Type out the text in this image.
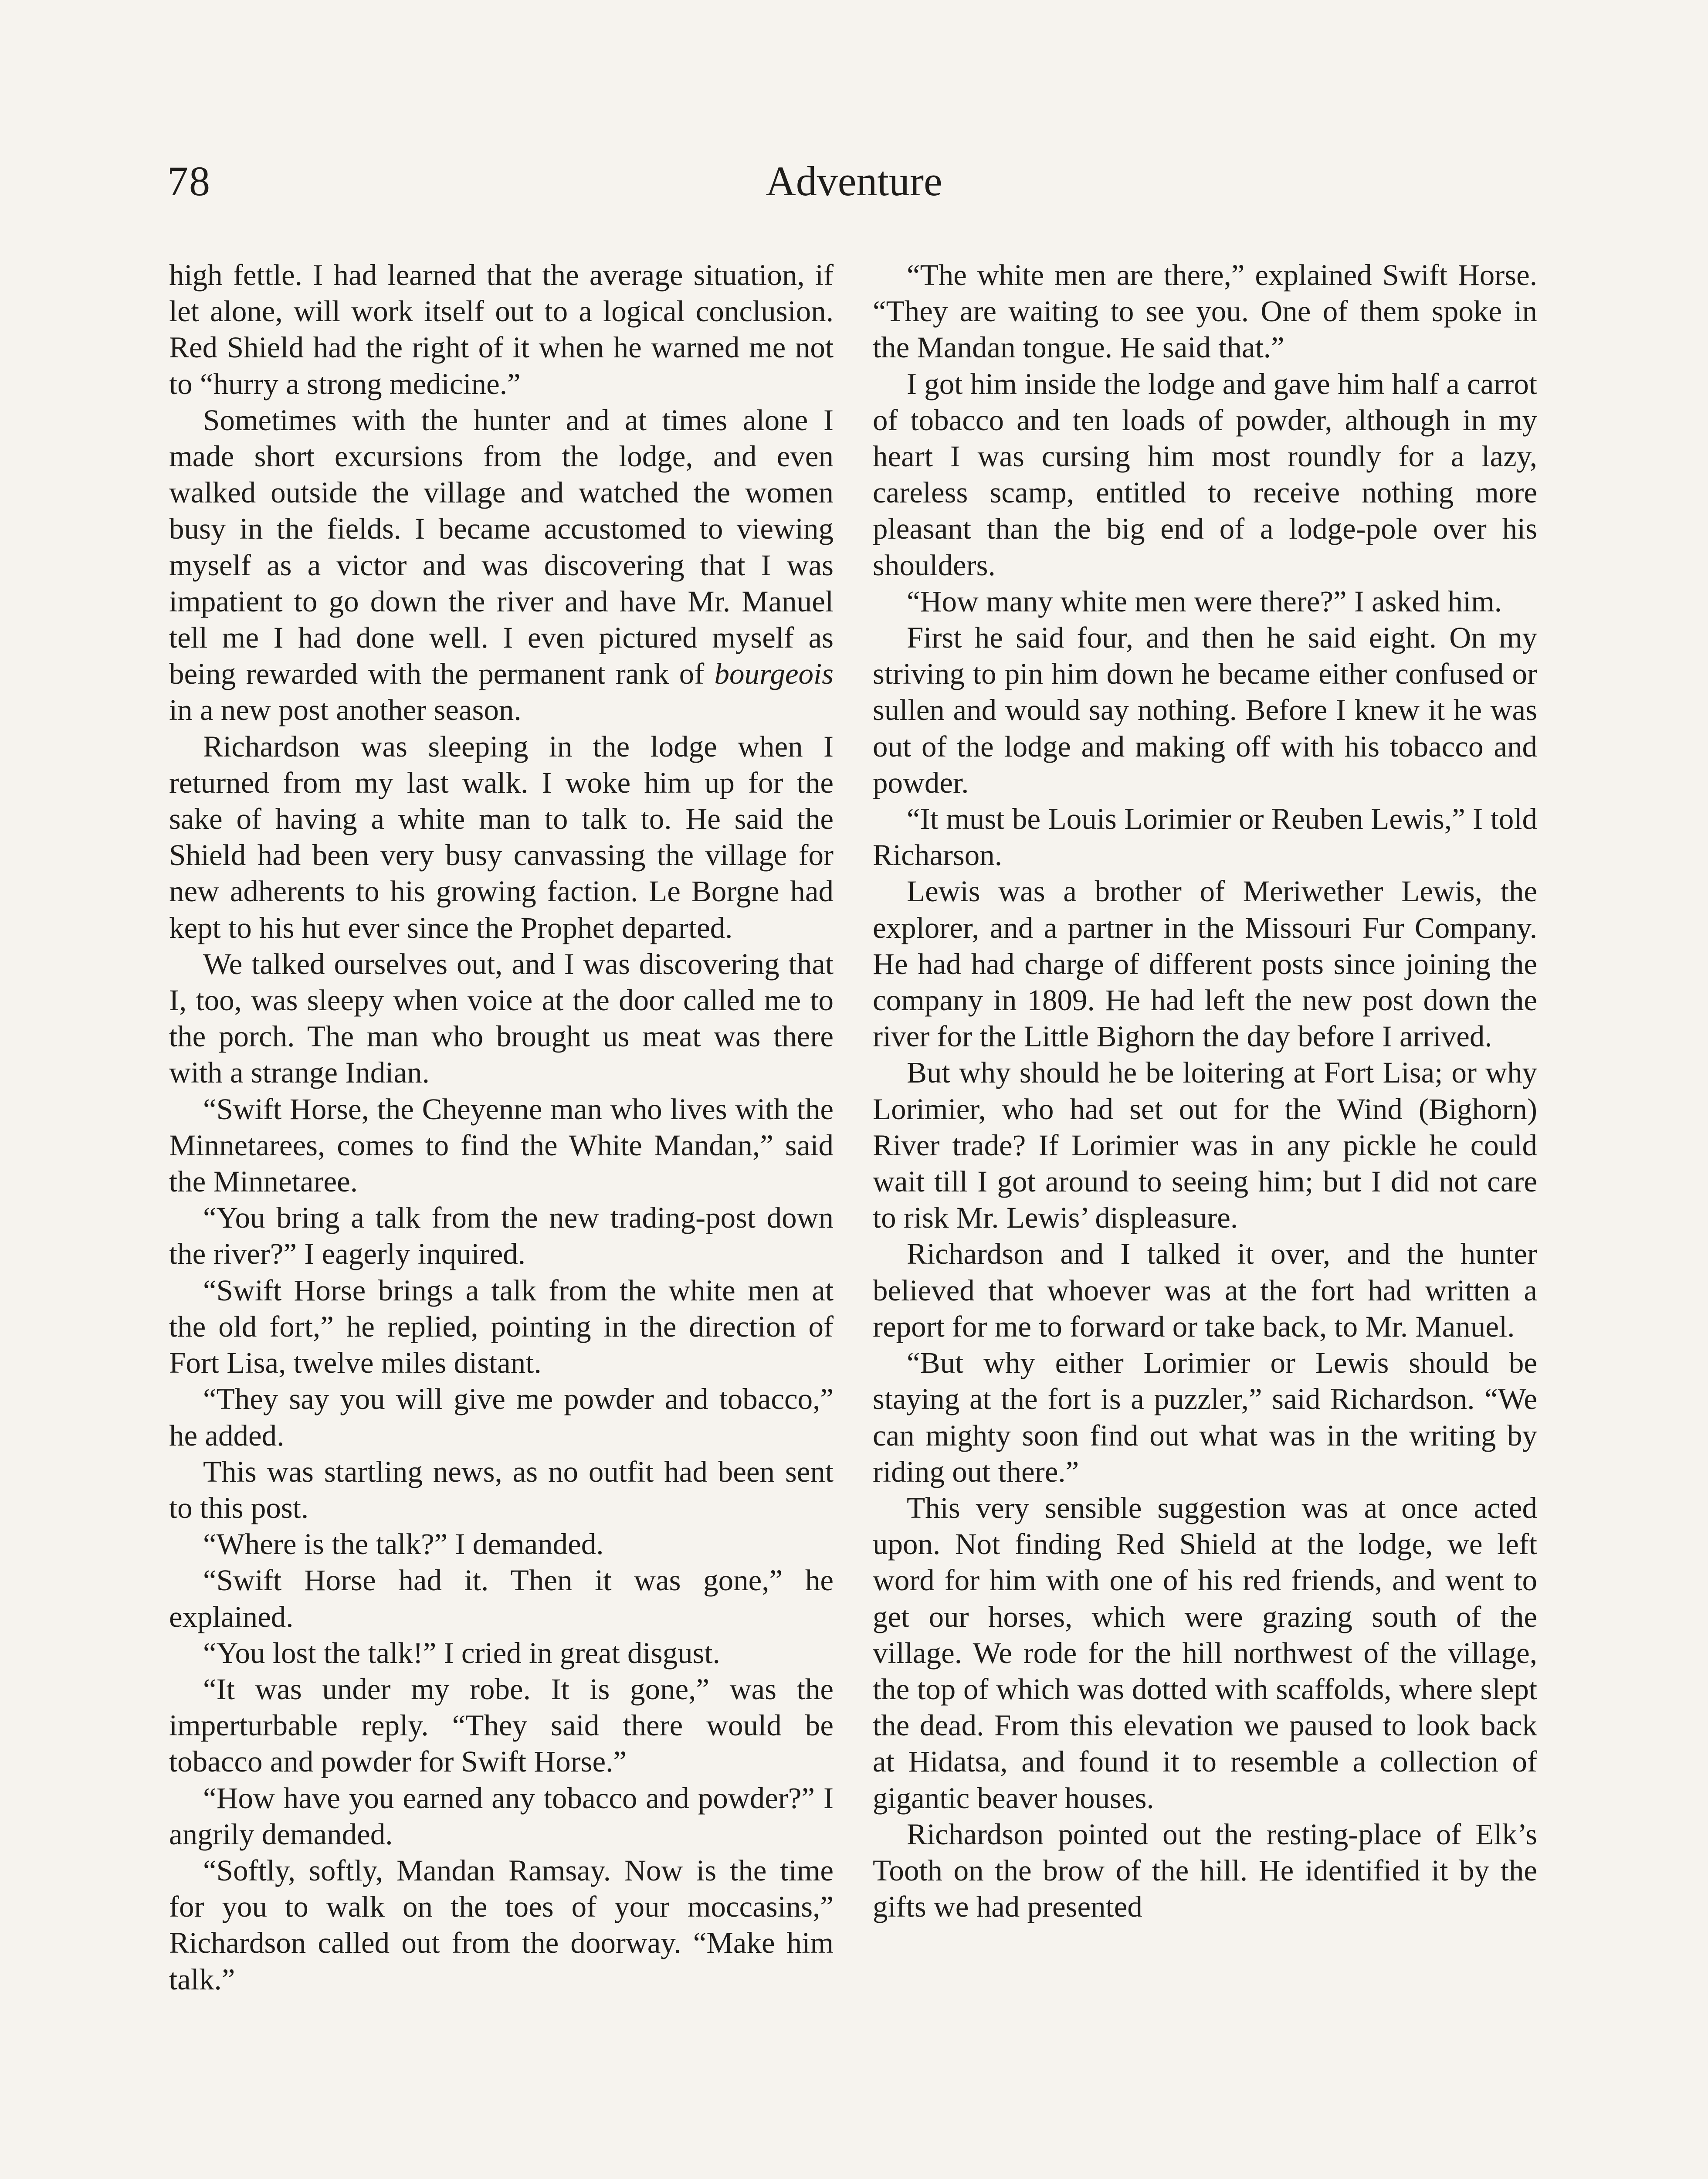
78	Adventure

high fettle. I had learned that the average situation, if let alone, will work itself out to a logical conclusion. Red Shield had the right of it when he warned me not to “hurry a strong medicine.”

Sometimes with the hunter and at times alone I made short excursions from the lodge, and even walked outside the village and watched the women busy in the fields. I became accustomed to viewing myself as a victor and was discovering that I was impatient to go down the river and have Mr. Manuel tell me I had done well. I even pictured myself as being rewarded with the permanent rank of bourgeois in a new post another season.

Richardson was sleeping in the lodge when I returned from my last walk. I woke him up for the sake of having a white man to talk to. He said the Shield had been very busy canvassing the village for new adherents to his growing faction. Le Borgne had kept to his hut ever since the Prophet departed.

We talked ourselves out, and I was discovering that I, too, was sleepy when voice at the door called me to the porch. The man who brought us meat was there with a strange Indian.

“Swift Horse, the Cheyenne man who lives with the Minnetarees, comes to find the White Mandan,” said the Minnetaree.

“You bring a talk from the new trading-post down the river?” I eagerly inquired.

“Swift Horse brings a talk from the white men at the old fort,” he replied, pointing in the direction of Fort Lisa, twelve miles distant.

“They say you will give me powder and tobacco,” he added.

This was startling news, as no outfit had been sent to this post.

“Where is the talk?” I demanded.

“Swift Horse had it. Then it was gone,” he explained.

“You lost the talk!” I cried in great disgust.

“It was under my robe. It is gone,” was the imperturbable reply. “They said there would be tobacco and powder for Swift Horse.”

“How have you earned any tobacco and powder?” I angrily demanded.

“Softly, softly, Mandan Ramsay. Now is the time for you to walk on the toes of your moccasins,” Richardson called out from the doorway. “Make him talk.”

“The white men are there,” explained Swift Horse. “They are waiting to see you. One of them spoke in the Mandan tongue. He said that.”

I got him inside the lodge and gave him half a carrot of tobacco and ten loads of powder, although in my heart I was cursing him most roundly for a lazy, careless scamp, entitled to receive nothing more pleasant than the big end of a lodge-pole over his shoulders.

“How many white men were there?” I asked him.

First he said four, and then he said eight. On my striving to pin him down he became either confused or sullen and would say nothing. Before I knew it he was out of the lodge and making off with his tobacco and powder.

“It must be Louis Lorimier or Reuben Lewis,” I told Richarson.

Lewis was a brother of Meriwether Lewis, the explorer, and a partner in the Missouri Fur Company. He had had charge of different posts since joining the company in 1809. He had left the new post down the river for the Little Bighorn the day before I arrived.

But why should he be loitering at Fort Lisa; or why Lorimier, who had set out for the Wind (Bighorn) River trade? If Lorimier was in any pickle he could wait till I got around to seeing him; but I did not care to risk Mr. Lewis’ displeasure.

Richardson and I talked it over, and the hunter believed that whoever was at the fort had written a report for me to forward or take back, to Mr. Manuel.

“But why either Lorimier or Lewis should be staying at the fort is a puzzler,” said Richardson. “We can mighty soon find out what was in the writing by riding out there.”

This very sensible suggestion was at once acted upon. Not finding Red Shield at the lodge, we left word for him with one of his red friends, and went to get our horses, which were grazing south of the village. We rode for the hill northwest of the village, the top of which was dotted with scaffolds, where slept the dead. From this elevation we paused to look back at Hidatsa, and found it to resemble a collection of gigantic beaver houses.

Richardson pointed out the resting-place of Elk’s Tooth on the brow of the hill. He identified it by the gifts we had presented
